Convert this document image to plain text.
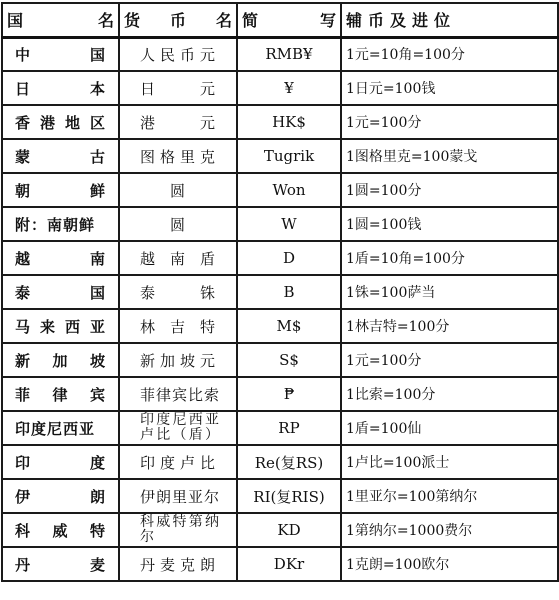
国　名	货币名	简　写	辅币及进位
中　国	人民币元	RMB¥	1元=10角=100分
日　本	日　元	¥	1日元=100钱
香港地区	港　元	HK$	1元=100分
蒙　古	图格里克	Tugrik	1图格里克=100蒙戈
朝　鲜	圆	Won	1圆=100分
附：南朝鲜	圆	W	1圆=100钱
越　南	越南盾	D	1盾=10角=100分
泰　国	泰　铢	B	1铢=100萨当
马来西亚	林吉特	M$	1林吉特=100分
新加坡	新加坡元	S$	1元=100分
菲律宾	菲律宾比索	₱	1比索=100分
印度尼西亚	印度尼西亚卢比（盾）	RP	1盾=100仙
印　度	印度卢比	Re(复RS)	1卢比=100派士
伊　朗	伊朗里亚尔	RI(复RIS)	1里亚尔=100第纳尔
科威特	科威特第纳尔	KD	1第纳尔=1000费尔
丹　麦	丹麦克朗	DKr	1克朗=100欧尔
